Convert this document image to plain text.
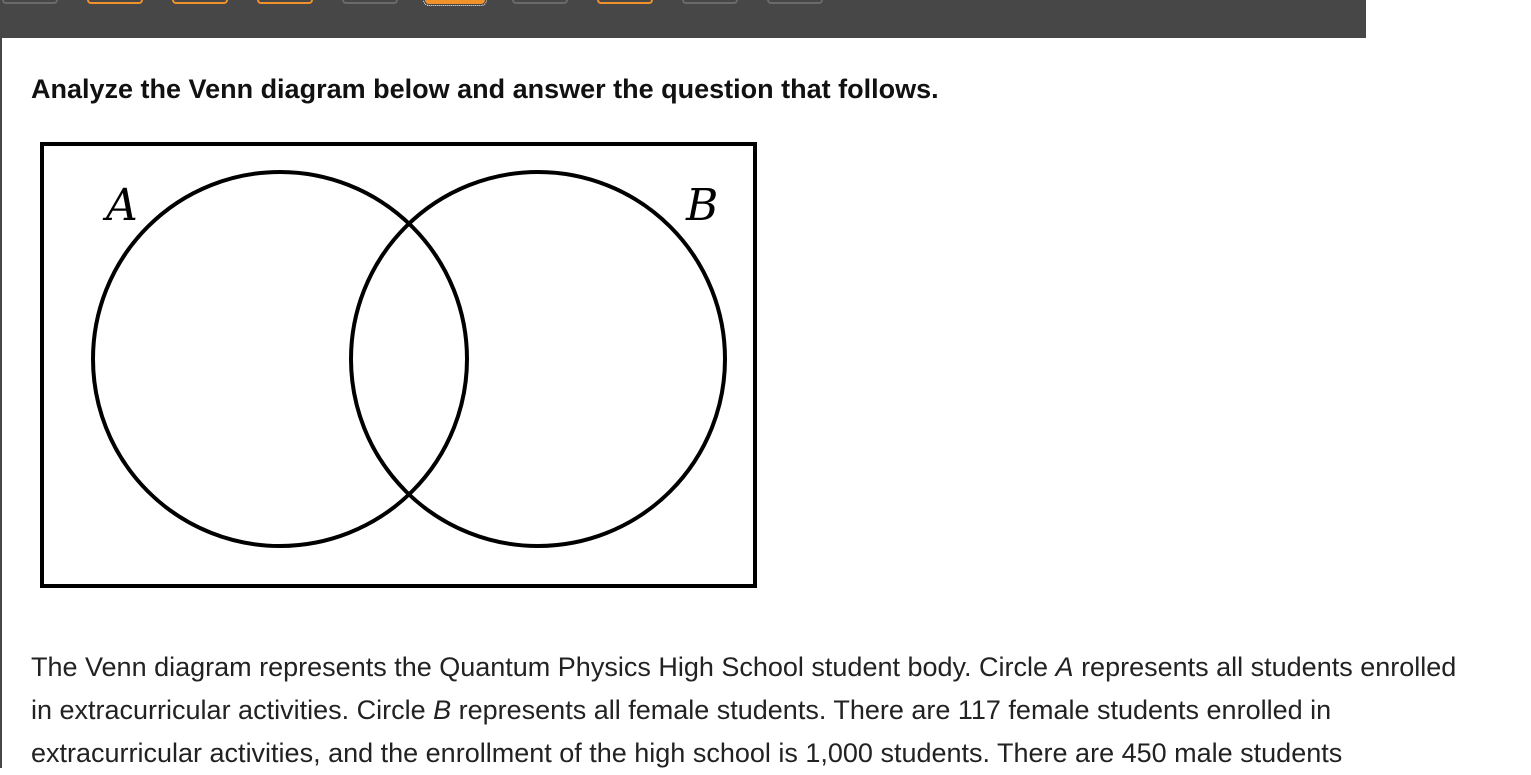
Analyze the Venn diagram below and answer the question that follows.
A	B

The Venn diagram represents the Quantum Physics High School student body. Circle A represents all students enrolled
in extracurricular activities. Circle B represents all female students. There are 117 female students enrolled in
extracurricular activities, and the enrollment of the high school is 1,000 students. There are 450 male students
